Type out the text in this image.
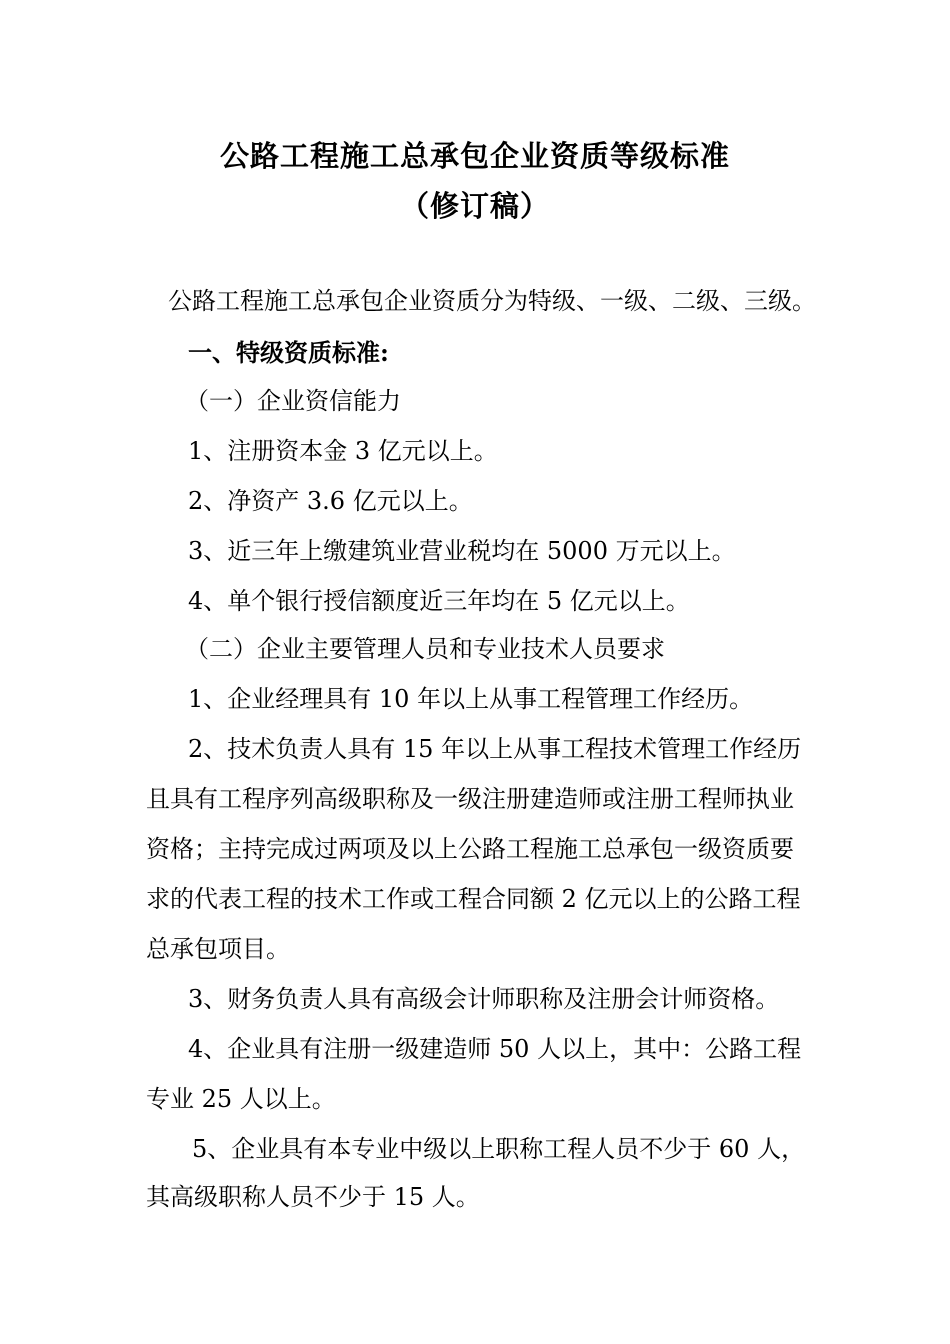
公路工程施工总承包企业资质等级标准
（修订稿）
公路工程施工总承包企业资质分为特级、一级、二级、三级。
一、特级资质标准:
（一）企业资信能力
1、注册资本金 3 亿元以上。
2、净资产 3.6 亿元以上。
3、近三年上缴建筑业营业税均在 5000 万元以上。
4、单个银行授信额度近三年均在 5 亿元以上。
（二）企业主要管理人员和专业技术人员要求
1、企业经理具有 10 年以上从事工程管理工作经历。
2、技术负责人具有 15 年以上从事工程技术管理工作经历
且具有工程序列高级职称及一级注册建造师或注册工程师执业
资格；主持完成过两项及以上公路工程施工总承包一级资质要
求的代表工程的技术工作或工程合同额 2 亿元以上的公路工程
总承包项目。
3、财务负责人具有高级会计师职称及注册会计师资格。
4、企业具有注册一级建造师 50 人以上，其中：公路工程
专业 25 人以上。
5、企业具有本专业中级以上职称工程人员不少于 60 人，
其高级职称人员不少于 15 人。
